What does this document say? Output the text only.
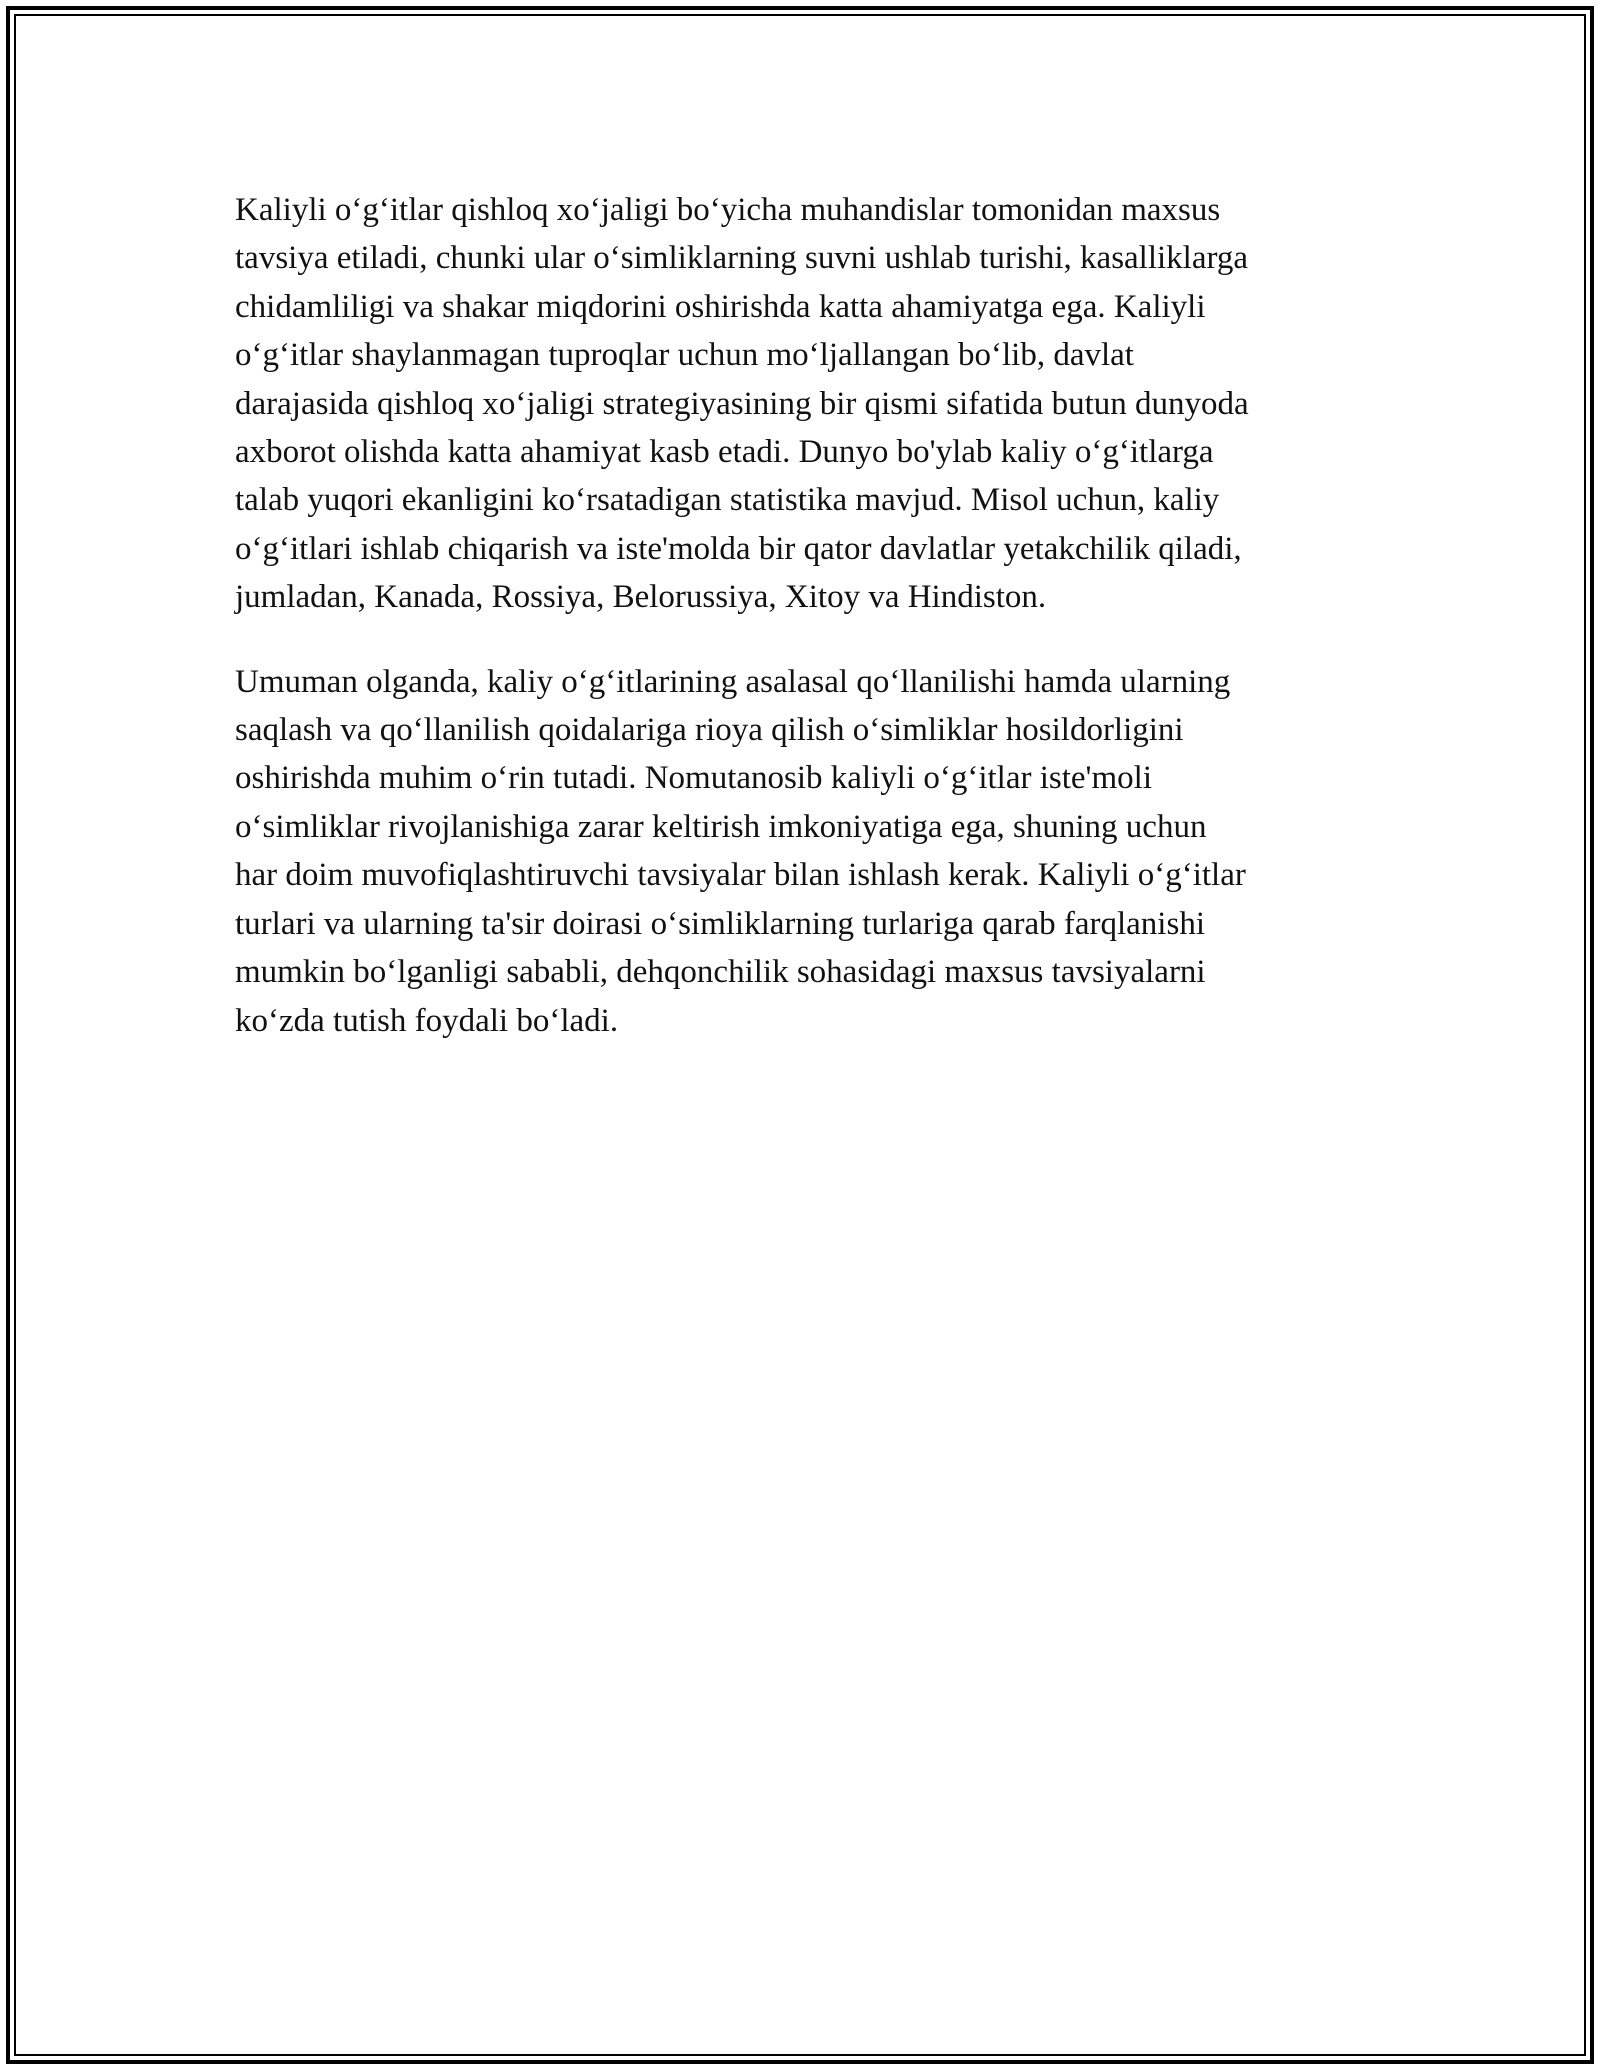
Kaliyli o‘g‘itlar qishloq xo‘jaligi bo‘yicha muhandislar tomonidan maxsus
tavsiya etiladi, chunki ular o‘simliklarning suvni ushlab turishi, kasalliklarga
chidamliligi va shakar miqdorini oshirishda katta ahamiyatga ega. Kaliyli
o‘g‘itlar shaylanmagan tuproqlar uchun mo‘ljallangan bo‘lib, davlat
darajasida qishloq xo‘jaligi strategiyasining bir qismi sifatida butun dunyoda
axborot olishda katta ahamiyat kasb etadi. Dunyo bo'ylab kaliy o‘g‘itlarga
talab yuqori ekanligini ko‘rsatadigan statistika mavjud. Misol uchun, kaliy
o‘g‘itlari ishlab chiqarish va iste'molda bir qator davlatlar yetakchilik qiladi,
jumladan, Kanada, Rossiya, Belorussiya, Xitoy va Hindiston.

Umuman olganda, kaliy o‘g‘itlarining asalasal qo‘llanilishi hamda ularning
saqlash va qo‘llanilish qoidalariga rioya qilish o‘simliklar hosildorligini
oshirishda muhim o‘rin tutadi. Nomutanosib kaliyli o‘g‘itlar iste'moli
o‘simliklar rivojlanishiga zarar keltirish imkoniyatiga ega, shuning uchun
har doim muvofiqlashtiruvchi tavsiyalar bilan ishlash kerak. Kaliyli o‘g‘itlar
turlari va ularning ta'sir doirasi o‘simliklarning turlariga qarab farqlanishi
mumkin bo‘lganligi sababli, dehqonchilik sohasidagi maxsus tavsiyalarni
ko‘zda tutish foydali bo‘ladi.
